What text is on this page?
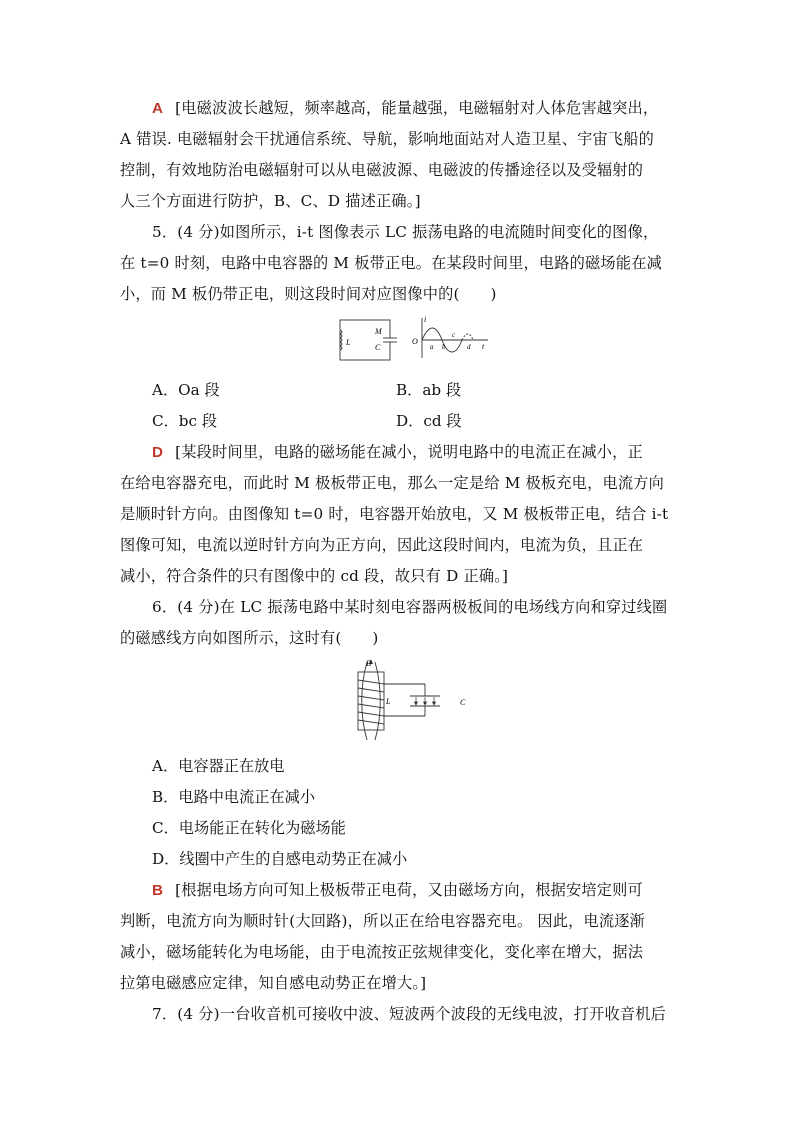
A [电磁波波长越短，频率越高，能量越强，电磁辐射对人体危害越突出，
A 错误. 电磁辐射会干扰通信系统、导航，影响地面站对人造卫星、宇宙飞船的
控制，有效地防治电磁辐射可以从电磁波源、电磁波的传播途径以及受辐射的
人三个方面进行防护，B、C、D 描述正确。]
5．(4 分)如图所示，i-t 图像表示 LC 振荡电路的电流随时间变化的图像，
在 t=0 时刻，电路中电容器的 M 板带正电。在某段时间里，电路的磁场能在减
小，而 M 板仍带正电，则这段时间对应图像中的(　　)
L
M
C
i
O
t
a b
c
d
A．Oa 段	B．ab 段
C．bc 段	D．cd 段
D [某段时间里，电路的磁场能在减小，说明电路中的电流正在减小，正
在给电容器充电，而此时 M 极板带正电，那么一定是给 M 极板充电，电流方向
是顺时针方向。由图像知 t=0 时，电容器开始放电，又 M 极板带正电，结合 i-t
图像可知，电流以逆时针方向为正方向，因此这段时间内，电流为负，且正在
减小，符合条件的只有图像中的 cd 段，故只有 D 正确。]
6．(4 分)在 LC 振荡电路中某时刻电容器两极板间的电场线方向和穿过线圈
的磁感线方向如图所示，这时有(　　)
B
L	C
A．电容器正在放电
B．电路中电流正在减小
C．电场能正在转化为磁场能
D．线圈中产生的自感电动势正在减小
B [根据电场方向可知上极板带正电荷，又由磁场方向，根据安培定则可
判断，电流方向为顺时针(大回路)，所以正在给电容器充电。 因此，电流逐渐
减小，磁场能转化为电场能，由于电流按正弦规律变化，变化率在增大，据法
拉第电磁感应定律，知自感电动势正在增大。]
7．(4 分)一台收音机可接收中波、短波两个波段的无线电波，打开收音机后
